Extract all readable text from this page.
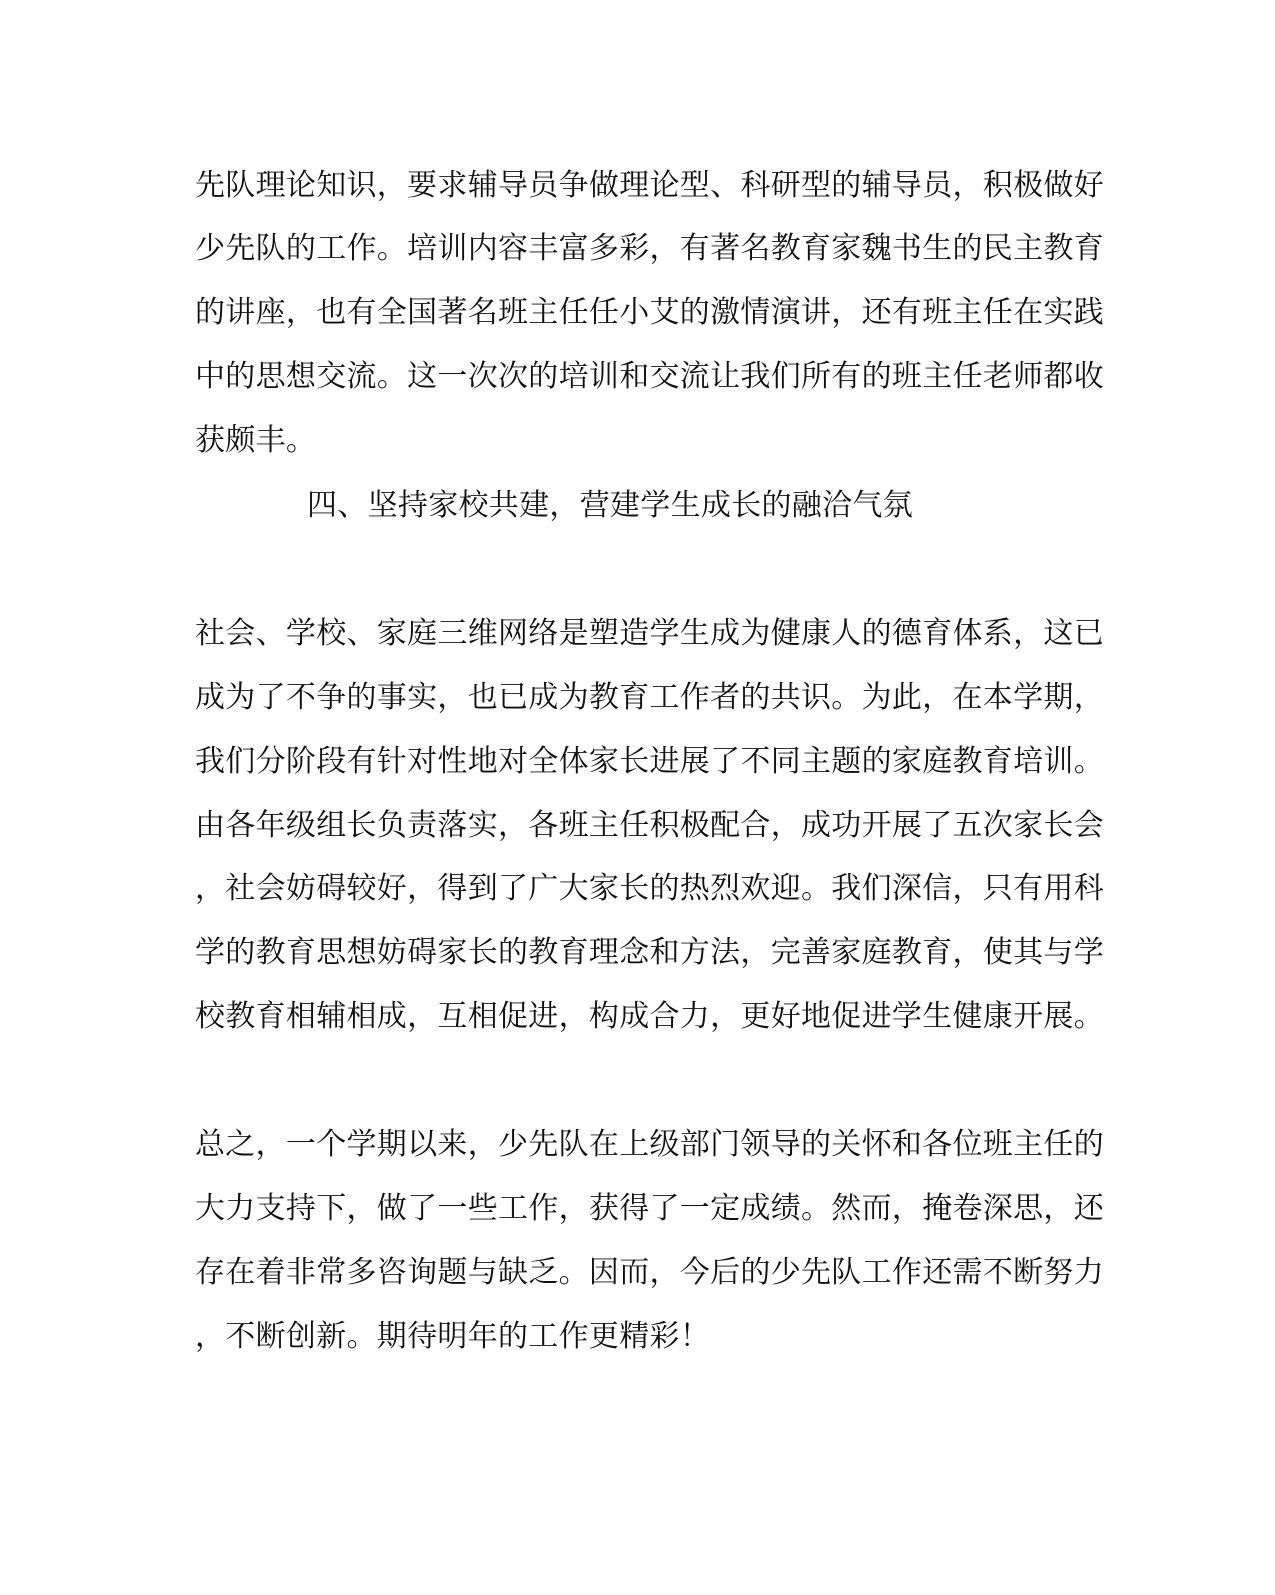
先队理论知识，要求辅导员争做理论型、科研型的辅导员，积极做好
少先队的工作。培训内容丰富多彩，有著名教育家魏书生的民主教育
的讲座，也有全国著名班主任任小艾的激情演讲，还有班主任在实践
中的思想交流。这一次次的培训和交流让我们所有的班主任老师都收
获颇丰。
四、坚持家校共建，营建学生成长的融洽气氛
社会、学校、家庭三维网络是塑造学生成为健康人的德育体系，这已
成为了不争的事实，也已成为教育工作者的共识。为此，在本学期，
我们分阶段有针对性地对全体家长进展了不同主题的家庭教育培训。
由各年级组长负责落实，各班主任积极配合，成功开展了五次家长会
，社会妨碍较好，得到了广大家长的热烈欢迎。我们深信，只有用科
学的教育思想妨碍家长的教育理念和方法，完善家庭教育，使其与学
校教育相辅相成，互相促进，构成合力，更好地促进学生健康开展。
总之，一个学期以来，少先队在上级部门领导的关怀和各位班主任的
大力支持下，做了一些工作，获得了一定成绩。然而，掩卷深思，还
存在着非常多咨询题与缺乏。因而，今后的少先队工作还需不断努力
，不断创新。期待明年的工作更精彩！
